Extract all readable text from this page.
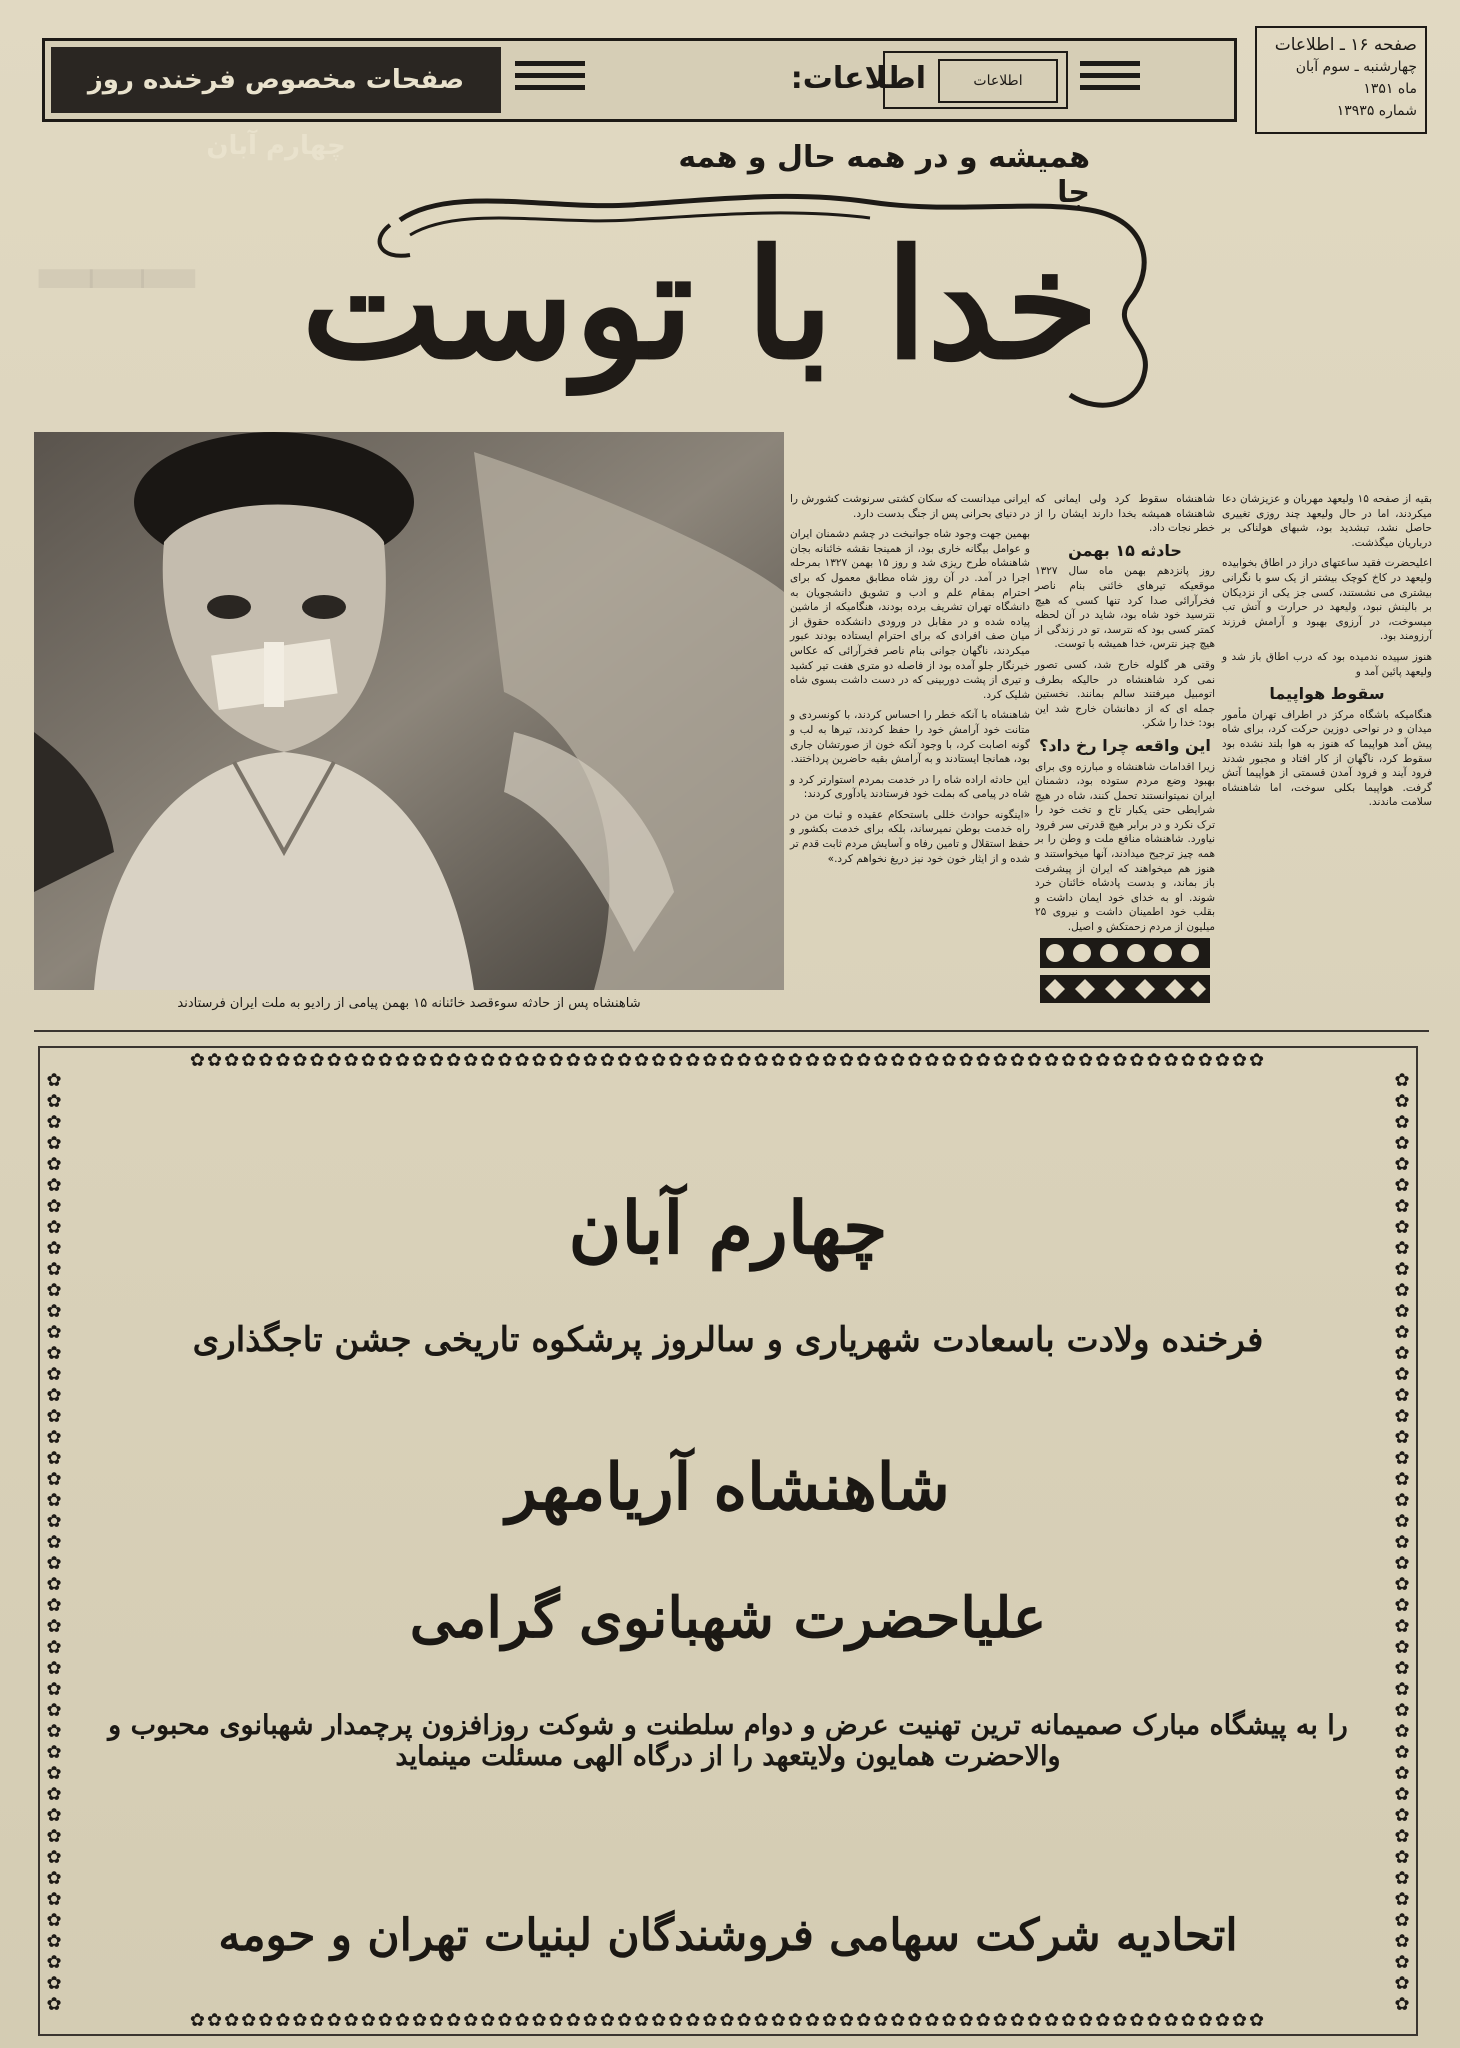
ـــ
صفحات مخصوص فرخنده روز چهارم آبان
اطلاعات:	اطلاعات
صفحه ۱۶ ـ اطلاعات
چهارشنبه ـ سوم آبان
ماه ۱۳۵۱
شماره ۱۳۹۳۵
همیشه و در همه حال و همه جا
خدا با توست
شاهنشاه پس از حادثه سوءقصد خائنانه ۱۵ بهمن پیامی از رادیو به ملت ایران فرستادند

بقیه از صفحه ۱۵ ولیعهد مهربان و عزیزشان دعا میکردند، اما در حال ولیعهد چند روزی تغییری حاصل نشد، تبشدید بود، شبهای هولناکی بر درباریان میگذشت.

اعلیحضرت فقید ساعتهای دراز در اطاق بخوابیده ولیعهد در کاخ کوچک بیشتر از یک سو با نگرانی بیشتری می نشستند، کسی جز یکی از نزدیکان بر بالینش نبود، ولیعهد در حرارت و آتش تب میسوخت، در آرزوی بهبود و آرامش فرزند آرزومند بود.

هنوز سپیده ندمیده بود که درب اطاق باز شد و ولیعهد پائین آمد و

سقوط هواپیما

هنگامیکه باشگاه مرکز در اطراف تهران مأمور میدان و در نواحی دوزین حرکت کرد، برای شاه پیش آمد هواپیما که هنوز به هوا بلند نشده بود سقوط کرد، ناگهان از کار افتاد و مجبور شدند فرود آیند و فرود آمدن قسمتی از هواپیما آتش گرفت. هواپیما بکلی سوخت، اما شاهنشاه سلامت ماندند.

شاهنشاه سقوط کرد ولی ایمانی که شاهنشاه همیشه بخدا دارند ایشان را از خطر نجات داد.

حادثه ۱۵ بهمن

روز پانزدهم بهمن ماه سال ۱۳۲۷ موقعیکه تیرهای خائنی بنام ناصر فخرآرائی صدا کرد تنها کسی که هیچ نترسید خود شاه بود، شاید در آن لحظه کمتر کسی بود که نترسد، تو در زندگی از هیچ چیز نترس، خدا همیشه با توست.

وقتی هر گلوله خارج شد، کسی تصور نمی کرد شاهنشاه در حالیکه بطرف اتومبیل میرفتند سالم بمانند. نخستین جمله ای که از دهانشان خارج شد این بود: خدا را شکر.

این واقعه چرا رخ داد؟

زیرا اقدامات شاهنشاه و مبارزه وی برای بهبود وضع مردم ستوده بود، دشمنان ایران نمیتوانستند تحمل کنند، شاه در هیچ شرایطی حتی یکبار تاج و تخت خود را ترک نکرد و در برابر هیچ قدرتی سر فرود نیاورد. شاهنشاه منافع ملت و وطن را بر همه چیز ترجیح میدادند، آنها میخواستند و هنوز هم میخواهند که ایران از پیشرفت باز بماند، و بدست پادشاه خائنان خرد شوند. او به خدای خود ایمان داشت و بقلب خود اطمینان داشت و نیروی ۲۵ میلیون از مردم زحمتکش و اصیل.

ایرانی میدانست که سکان کشتی سرنوشت کشورش را در دنیای بحرانی پس از جنگ بدست دارد.

بهمین جهت وجود شاه جوانبخت در چشم دشمنان ایران و عوامل بیگانه خاری بود، از همینجا نقشه خائنانه بجان شاهنشاه طرح ریزی شد و روز ۱۵ بهمن ۱۳۲۷ بمرحله اجرا در آمد. در آن روز شاه مطابق معمول که برای احترام بمقام علم و ادب و تشویق دانشجویان به دانشگاه تهران تشریف برده بودند، هنگامیکه از ماشین پیاده شده و در مقابل در ورودی دانشکده حقوق از میان صف افرادی که برای احترام ایستاده بودند عبور میکردند، ناگهان جوانی بنام ناصر فخرآرائی که عکاس خبرنگار جلو آمده بود از فاصله دو متری هفت تیر کشید و تیری از پشت دوربینی که در دست داشت بسوی شاه شلیک کرد.

شاهنشاه با آنکه خطر را احساس کردند، با کونسردی و متانت خود آرامش خود را حفظ کردند، تیرها به لب و گونه اصابت کرد، با وجود آنکه خون از صورتشان جاری بود، همانجا ایستادند و به آرامش بقیه حاضرین پرداختند.

این حادثه اراده شاه را در خدمت بمردم استوارتر کرد و شاه در پیامی که بملت خود فرستادند یادآوری کردند:

«اینگونه حوادث خللی باستحکام عقیده و ثبات من در راه خدمت بوطن نمیرساند، بلکه برای خدمت بکشور و حفظ استقلال و تامین رفاه و آسایش مردم ثابت قدم تر شده و از ایثار خون خود نیز دریغ نخواهم کرد.»

✿✿✿✿✿✿✿✿✿✿✿✿✿✿✿✿✿✿✿✿✿✿✿✿✿✿✿✿✿✿✿✿✿✿✿✿✿✿✿✿✿✿✿✿✿✿✿✿✿✿✿✿✿✿✿✿✿✿✿✿✿✿✿
✿✿✿✿✿✿✿✿✿✿✿✿✿✿✿✿✿✿✿✿✿✿✿✿✿✿✿✿✿✿✿✿✿✿✿✿✿✿✿✿✿✿✿✿✿✿✿✿✿✿✿✿✿✿✿✿✿✿✿✿✿✿✿
✿
✿
✿
✿
✿
✿
✿
✿
✿
✿
✿
✿
✿
✿
✿
✿
✿
✿
✿
✿
✿
✿
✿
✿
✿
✿
✿
✿
✿
✿
✿
✿
✿
✿
✿
✿
✿
✿
✿
✿
✿
✿
✿
✿
✿
✿
✿
✿
✿
✿
✿
✿
✿
✿
✿
✿
✿
✿
✿
✿
✿
✿
✿
✿
✿
✿
✿
✿
✿
✿
✿
✿
✿
✿
✿
✿
✿
✿
✿
✿
✿
✿
✿
✿
✿
✿
✿
✿
✿
✿
چهارم آبان
فرخنده ولادت باسعادت شهریاری و سالروز پرشکوه تاریخی جشن تاجگذاری
شاهنشاه آریامهر
علیاحضرت شهبانوی گرامی
را به پیشگاه مبارک صمیمانه ترین تهنیت عرض و دوام سلطنت و شوکت روزافزون پرچمدار شهبانوی محبوب و والاحضرت همایون ولایتعهد را از درگاه الهی مسئلت مینماید
اتحادیه شرکت سهامی فروشندگان لبنیات تهران و حومه
